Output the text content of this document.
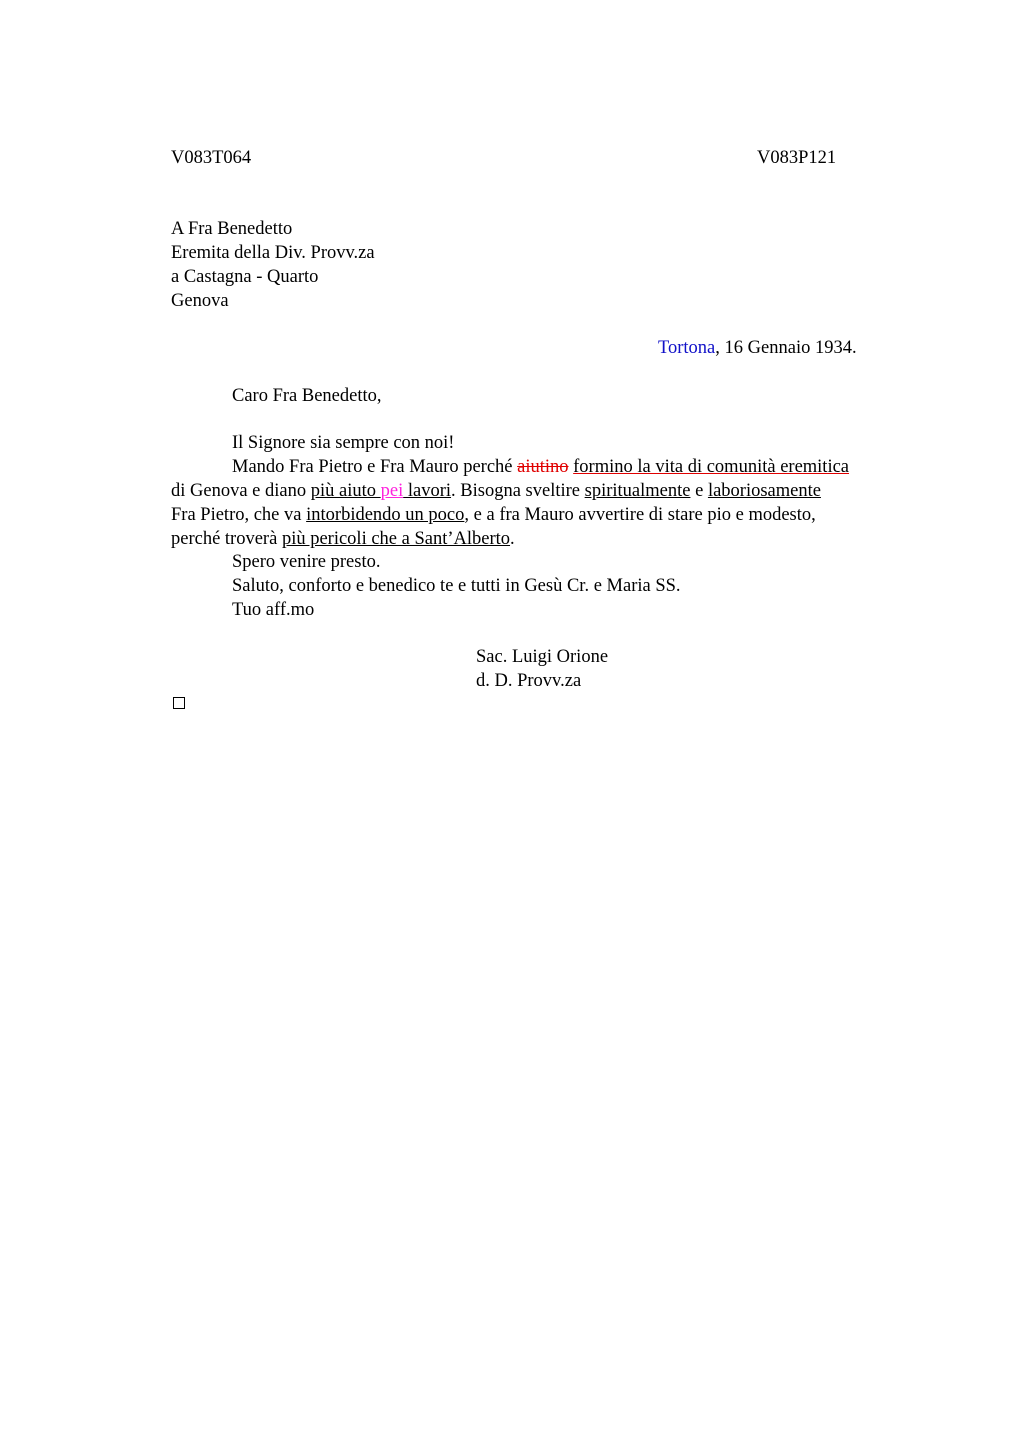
V083T064	V083P121
A Fra Benedetto
Eremita della Div. Provv.za
a Castagna - Quarto
Genova
Tortona, 16 Gennaio 1934.
Caro Fra Benedetto,
Il Signore sia sempre con noi!
Mando Fra Pietro e Fra Mauro perché aiutino formino la vita di comunità eremitica
di Genova e diano più aiuto pei lavori. Bisogna sveltire spiritualmente e laboriosamente
Fra Pietro, che va intorbidendo un poco, e a fra Mauro avvertire di stare pio e modesto,
perché troverà più pericoli che a Sant’Alberto.
Spero venire presto.
Saluto, conforto e benedico te e tutti in Gesù Cr. e Maria SS.
Tuo aff.mo
Sac. Luigi Orione
d. D. Provv.za
